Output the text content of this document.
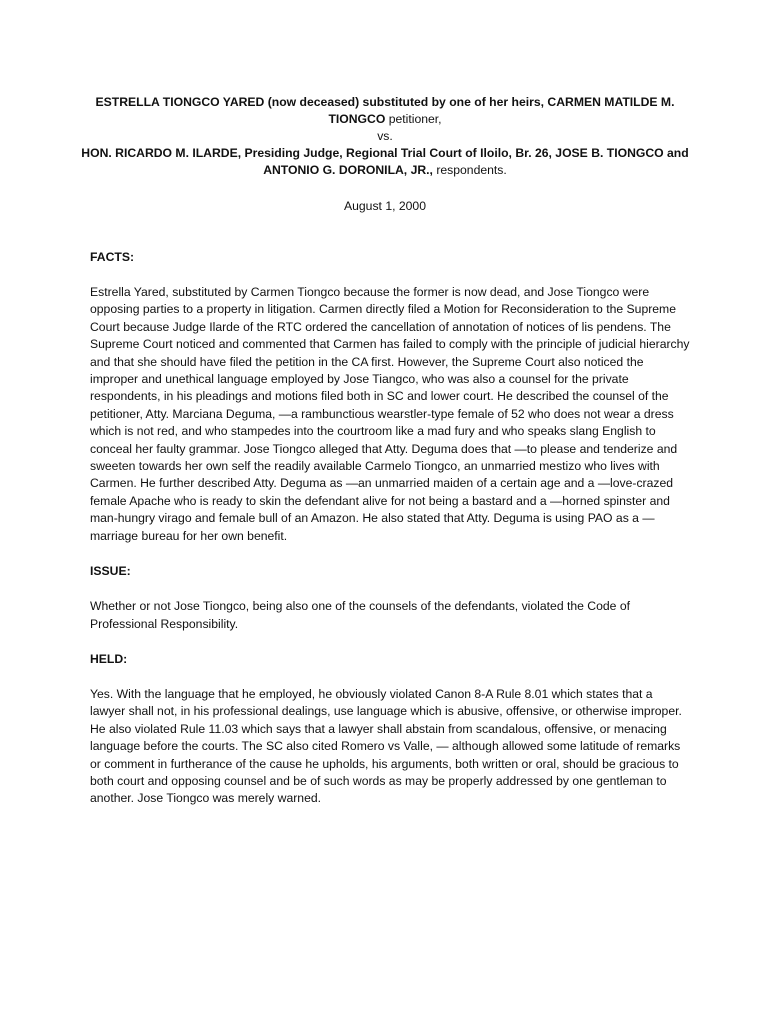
ESTRELLA TIONGCO YARED (now deceased) substituted by one of her heirs, CARMEN MATILDE M.

TIONGCO petitioner,

vs.

HON. RICARDO M. ILARDE, Presiding Judge, Regional Trial Court of Iloilo, Br. 26, JOSE B. TIONGCO and

ANTONIO G. DORONILA, JR., respondents.

August 1, 2000

FACTS:

Estrella Yared, substituted by Carmen Tiongco because the former is now dead, and Jose Tiongco were opposing parties to a property in litigation. Carmen directly filed a Motion for Reconsideration to the Supreme Court because Judge Ilarde of the RTC ordered the cancellation of annotation of notices of lis pendens. The Supreme Court noticed and commented that Carmen has failed to comply with the principle of judicial hierarchy and that she should have filed the petition in the CA first. However, the Supreme Court also noticed the improper and unethical language employed by Jose Tiangco, who was also a counsel for the private respondents, in his pleadings and motions filed both in SC and lower court. He described the counsel of the petitioner, Atty. Marciana Deguma, —a rambunctious wearstler-type female of 52 who does not wear a dress which is not red, and who stampedes into the courtroom like a mad fury and who speaks slang English to conceal her faulty grammar. Jose Tiongco alleged that Atty. Deguma does that —to please and tenderize and sweeten towards her own self the readily available Carmelo Tiongco, an unmarried mestizo who lives with Carmen. He further described Atty. Deguma as —an unmarried maiden of a certain age and a —love-crazed female Apache who is ready to skin the defendant alive for not being a bastard and a —horned spinster and man-hungry virago and female bull of an Amazon. He also stated that Atty. Deguma is using PAO as a —marriage bureau for her own benefit.

ISSUE:

Whether or not Jose Tiongco, being also one of the counsels of the defendants, violated the Code of Professional Responsibility.

HELD:

Yes. With the language that he employed, he obviously violated Canon 8-A Rule 8.01 which states that a lawyer shall not, in his professional dealings, use language which is abusive, offensive, or otherwise improper. He also violated Rule 11.03 which says that a lawyer shall abstain from scandalous, offensive, or menacing language before the courts. The SC also cited Romero vs Valle, — although allowed some latitude of remarks or comment in furtherance of the cause he upholds, his arguments, both written or oral, should be gracious to both court and opposing counsel and be of such words as may be properly addressed by one gentleman to another. Jose Tiongco was merely warned.
